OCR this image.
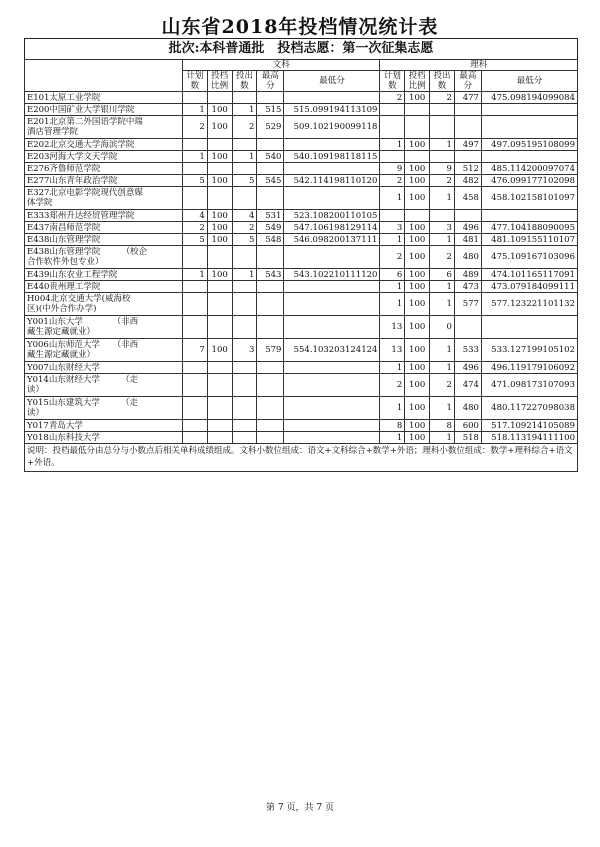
山东省2018年投档情况统计表
批次:本科普通批　投档志愿：第一次征集志愿
	文科					理科				
	计划数	投档比例	投出数	最高分	最低分	计划数	投档比例	投出数	最高分	最低分
E101太原工业学院						2	100	2	477	475.098194099084
E200中国矿业大学银川学院	1	100	1	515	515.099194113109					
E201北京第二外国语学院中瑞
酒店管理学院	2	100	2	529	509.102190099118					
E202北京交通大学海滨学院						1	100	1	497	497.095195108099
E203河海大学文天学院	1	100	1	540	540.109198118115					
E276齐鲁师范学院						9	100	9	512	485.114200097074
E277山东青年政治学院	5	100	5	545	542.114198110120	2	100	2	482	476.099177102098
E327北京电影学院现代创意媒
体学院						1	100	1	458	458.102158101097
E333郑州升达经贸管理学院	4	100	4	531	523.108200110105					
E437南昌师范学院	2	100	2	549	547.106198129114	3	100	3	496	477.104188090095
E438山东管理学院	5	100	5	548	546.098200137111	1	100	1	481	481.109155110107
E438山东管理学院　　　（校企
合作软件外包专业）						2	100	2	480	475.109167103096
E439山东农业工程学院	1	100	1	543	543.102210111120	6	100	6	489	474.101165117091
E440贵州理工学院						1	100	1	473	473.079184099111
H004北京交通大学(威海校
区)(中外合作办学)						1	100	1	577	577.123221101132
Y001山东大学　　　　（非西
藏生源定藏就业）						13	100	0		
Y006山东师范大学　　（非西
藏生源定藏就业）	7	100	3	579	554.103203124124	13	100	1	533	533.127199105102
Y007山东财经大学						1	100	1	496	496.119179106092
Y014山东财经大学　　　（走
读）						2	100	2	474	471.098173107093
Y015山东建筑大学　　　（走
读）						1	100	1	480	480.117227098038
Y017青岛大学						8	100	8	600	517.109214105089
Y018山东科技大学						1	100	1	518	518.113194111100
说明：投档最低分由总分与小数点后相关单科成绩组成。文科小数位组成：语文+文科综合+数学+外语；理科小数位组成：数学+理科综合+语文+外语。
第 7 页，共 7 页
